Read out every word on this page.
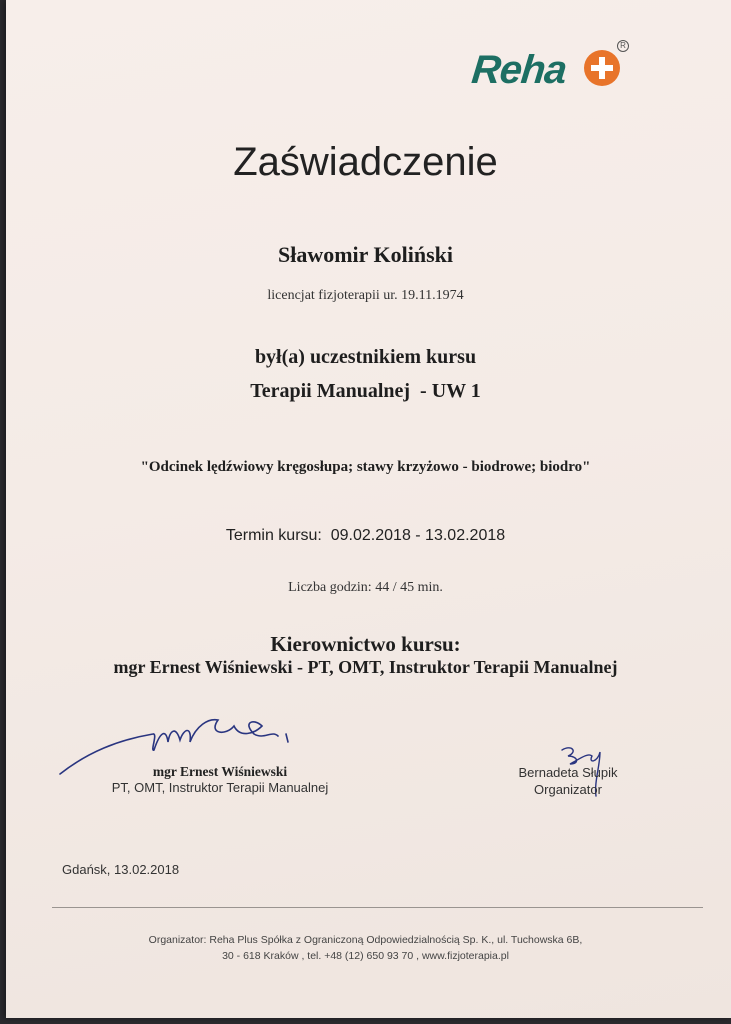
Reha
R
Zaświadczenie
Sławomir Koliński
licencjat fizjoterapii ur. 19.11.1974
był(a) uczestnikiem kursu
Terapii Manualnej  - UW 1
"Odcinek lędźwiowy kręgosłupa; stawy krzyżowo - biodrowe; biodro"
Termin kursu:  09.02.2018 - 13.02.2018
Liczba godzin: 44 / 45 min.
Kierownictwo kursu:
mgr Ernest Wiśniewski - PT, OMT, Instruktor Terapii Manualnej
mgr Ernest Wiśniewski
PT, OMT, Instruktor Terapii Manualnej
Bernadeta Słupik
Organizator
Gdańsk, 13.02.2018
Organizator: Reha Plus Spółka z Ograniczoną Odpowiedzialnością Sp. K., ul. Tuchowska 6B,
30 - 618 Kraków , tel. +48 (12) 650 93 70 , www.fizjoterapia.pl
